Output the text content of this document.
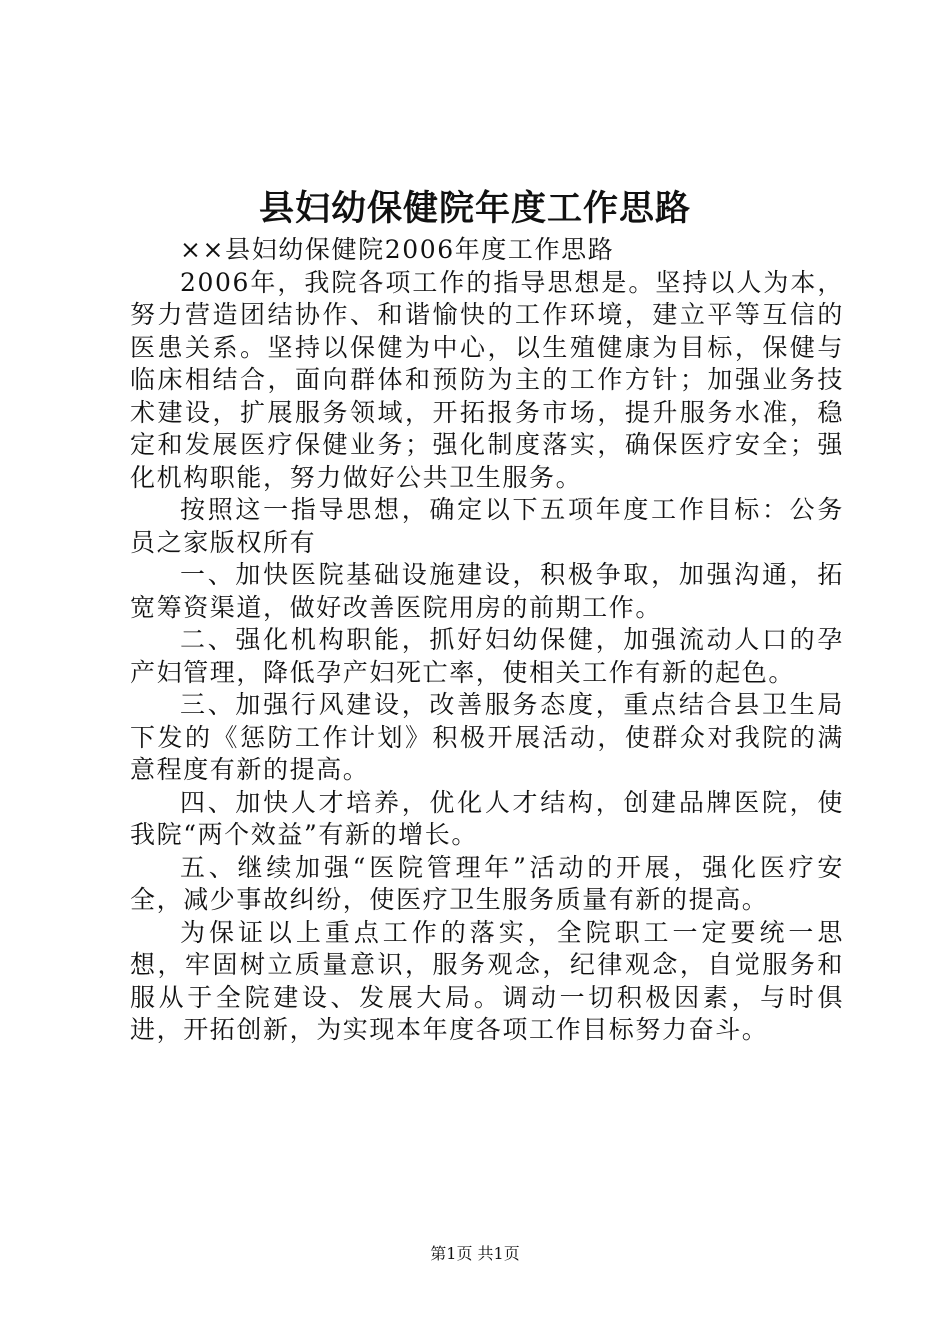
县妇幼保健院年度工作思路

××县妇幼保健院2006年度工作思路

2006年，我院各项工作的指导思想是。坚持以人为本，努力营造团结协作、和谐愉快的工作环境，建立平等互信的医患关系。坚持以保健为中心，以生殖健康为目标，保健与临床相结合，面向群体和预防为主的工作方针；加强业务技术建设，扩展服务领域，开拓报务市场，提升服务水准，稳定和发展医疗保健业务；强化制度落实，确保医疗安全；强化机构职能，努力做好公共卫生服务。

按照这一指导思想，确定以下五项年度工作目标：公务员之家版权所有

一、加快医院基础设施建设，积极争取，加强沟通，拓宽筹资渠道，做好改善医院用房的前期工作。

二、强化机构职能，抓好妇幼保健，加强流动人口的孕产妇管理，降低孕产妇死亡率，使相关工作有新的起色。

三、加强行风建设，改善服务态度，重点结合县卫生局下发的《惩防工作计划》积极开展活动，使群众对我院的满意程度有新的提高。

四、加快人才培养，优化人才结构，创建品牌医院，使我院“两个效益”有新的增长。

五、继续加强“医院管理年”活动的开展，强化医疗安全，减少事故纠纷，使医疗卫生服务质量有新的提高。

为保证以上重点工作的落实，全院职工一定要统一思想，牢固树立质量意识，服务观念，纪律观念，自觉服务和服从于全院建设、发展大局。调动一切积极因素，与时俱进，开拓创新，为实现本年度各项工作目标努力奋斗。

第1页 共1页
